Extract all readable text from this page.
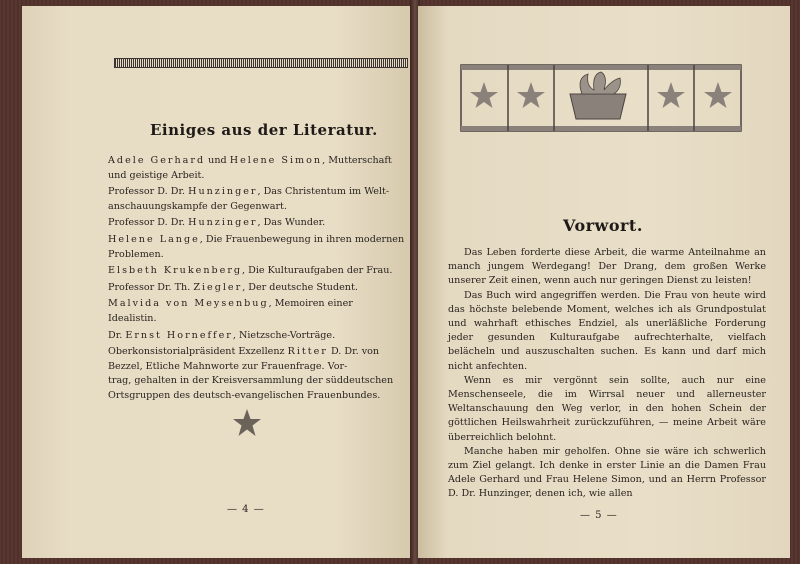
Einiges aus der Literatur.
Adele Gerhard und Helene Simon, Mutterschaft
und geistige Arbeit.
Professor D. Dr. Hunzinger, Das Christentum im Welt-
anschauungskampfe der Gegenwart.
Professor D. Dr. Hunzinger, Das Wunder.
Helene Lange, Die Frauenbewegung in ihren modernen
Problemen.
Elsbeth Krukenberg, Die Kulturaufgaben der Frau.
Professor Dr. Th. Ziegler, Der deutsche Student.
Malvida von Meysenbug, Memoiren einer
Idealistin.
Dr. Ernst Horneffer, Nietzsche-Vorträge.
Oberkonsistorialpräsident Exzellenz Ritter D. Dr. von
Bezzel, Etliche Mahnworte zur Frauenfrage. Vor-
trag, gehalten in der Kreisversammlung der süddeutschen
Ortsgruppen des deutsch-evangelischen Frauenbundes.
— 4 —
Vorwort.

Das Leben forderte diese Arbeit, die warme Anteilnahme an manch jungem Werdegang! Der Drang, dem großen Werke unserer Zeit einen, wenn auch nur geringen Dienst zu leisten!

Das Buch wird angegriffen werden. Die Frau von heute wird das höchste belebende Moment, welches ich als Grundpostulat und wahrhaft ethisches Endziel, als unerläßliche Forderung jeder gesunden Kulturaufgabe aufrechterhalte, vielfach belächeln und auszuschalten suchen. Es kann und darf mich nicht anfechten.

Wenn es mir vergönnt sein sollte, auch nur eine Menschenseele, die im Wirrsal neuer und allerneuster Weltanschauung den Weg verlor, in den hohen Schein der göttlichen Heilswahrheit zurückzuführen, — meine Arbeit wäre überreichlich belohnt.

Manche haben mir geholfen. Ohne sie wäre ich schwerlich zum Ziel gelangt. Ich denke in erster Linie an die Damen Frau Adele Gerhard und Frau Helene Simon, und an Herrn Professor D. Dr. Hunzinger, denen ich, wie allen

— 5 —
